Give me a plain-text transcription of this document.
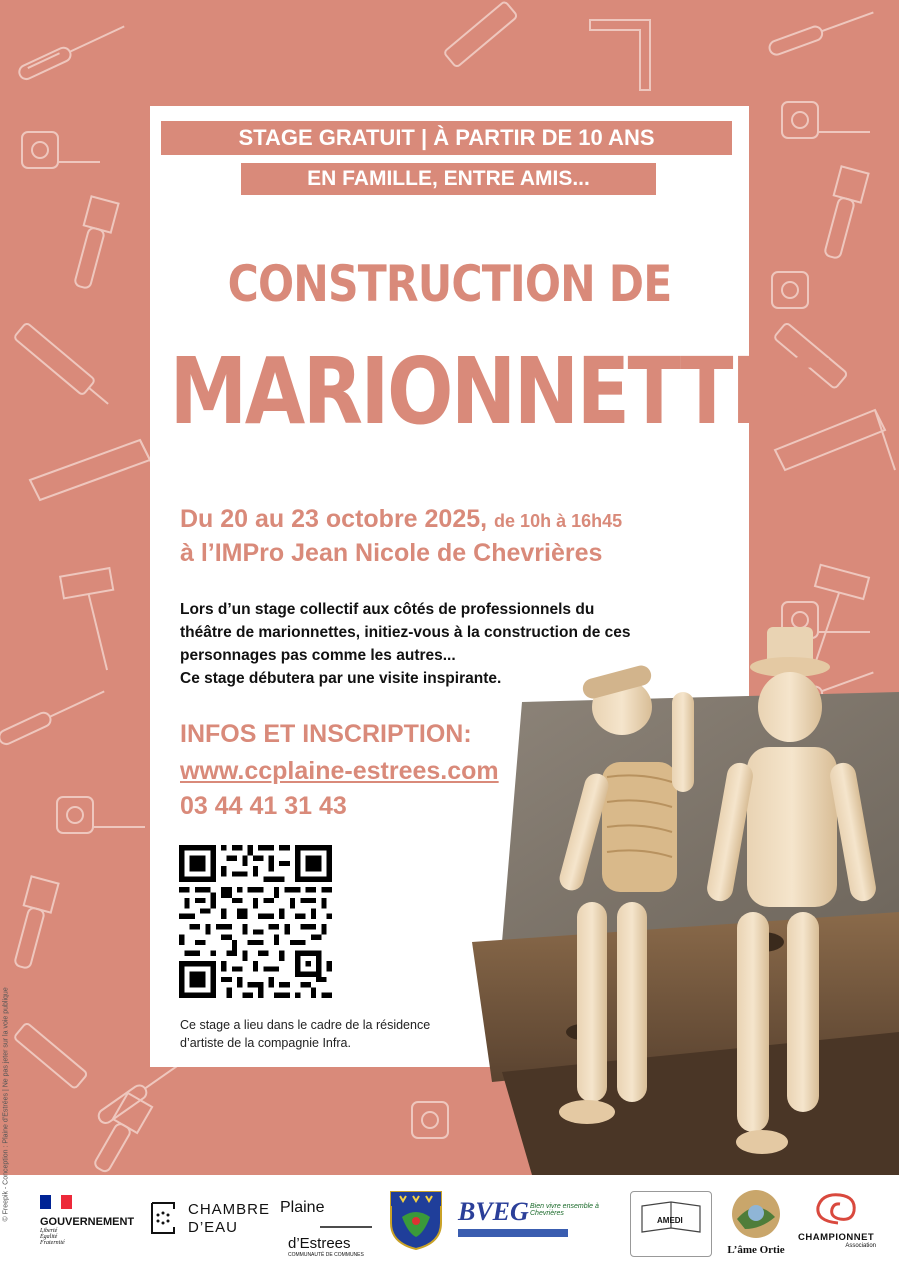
STAGE GRATUIT | À PARTIR DE 10 ANS
EN FAMILLE, ENTRE AMIS...
CONSTRUCTION DE
MARIONNETTES
Du 20 au 23 octobre 2025, de 10h à 16h45
à l’IMPro Jean Nicole de Chevrières
Lors d’un stage collectif aux côtés de professionnels du
théâtre de marionnettes, initiez-vous à la construction de ces
personnages pas comme les autres...
Ce stage débutera par une visite inspirante.
INFOS ET INSCRIPTION:
www.ccplaine-estrees.com
03 44 41 31 43
Ce stage a lieu dans le cadre de la résidence
d’artiste de la compagnie Infra.
GOUVERNEMENT
Liberté
Égalité
Fraternité
CHAMBRE
D’EAU
Plaine
d’Estrees
COMMUNAUTÉ DE COMMUNES
BVEG Bien vivre ensemble à Chevrières
AMEDI
L’âme Ortie
CHAMPIONNET
Association
© Freepik - Conception : Plaine d’Estrées | Ne pas jeter sur la voie publique
